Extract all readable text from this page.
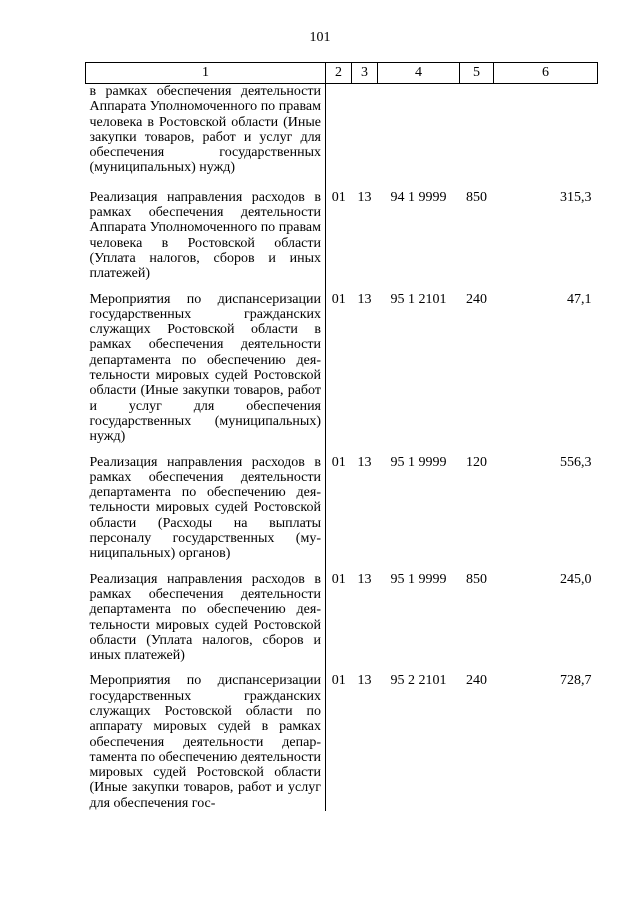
101
1	2	3	4	5	6
в рамках обеспечения деятельности Аппарата Уполномоченного по правам человека в Ростовской области (Иные закупки товаров, работ и услуг для обеспечения государственных (муниципальных) нужд)					
Реализация направления расходов в рамках обеспечения деятельности Аппарата Уполномоченного по правам человека в Ростовской области (Уплата налогов, сборов и иных платежей)	01	13	94 1 9999	850	315,3
Мероприятия по диспансеризации государственных гражданских служащих Ростовской области в рамках обеспечения деятельности департамента по обеспечению деятельности мировых судей Ростовской области (Иные закупки товаров, работ и услуг для обеспечения государственных (муниципальных) нужд)	01	13	95 1 2101	240	47,1
Реализация направления расходов в рамках обеспечения деятельности департамента по обеспечению деятельности мировых судей Ростовской области (Расходы на выплаты персоналу государственных (муниципальных) органов)	01	13	95 1 9999	120	556,3
Реализация направления расходов в рамках обеспечения деятельности департамента по обеспечению деятельности мировых судей Ростовской области (Уплата налогов, сборов и иных платежей)	01	13	95 1 9999	850	245,0
Мероприятия по диспансеризации государственных гражданских служащих Ростовской области по аппарату мировых судей в рамках обеспечения деятельности департамента по обеспечению деятельности мировых судей Ростовской области (Иные закупки товаров, работ и услуг для обеспечения гос-	01	13	95 2 2101	240	728,7
